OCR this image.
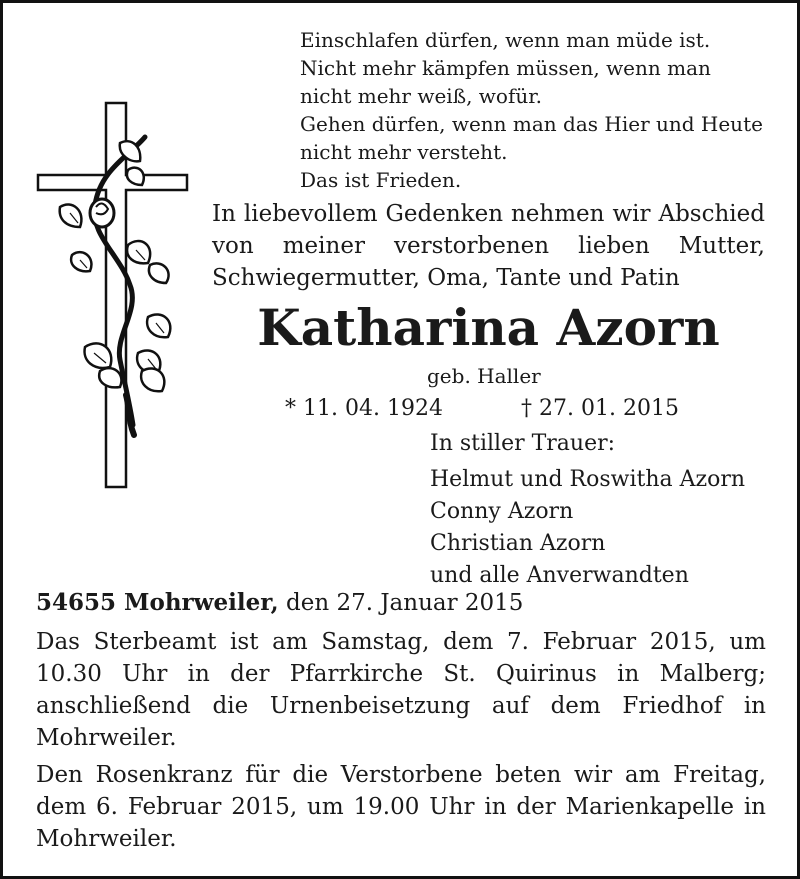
Einschlafen dürfen, wenn man müde ist.
Nicht mehr kämpfen müssen, wenn man
nicht mehr weiß, wofür.
Gehen dürfen, wenn man das Hier und Heute
nicht mehr versteht.
Das ist Frieden.
In liebevollem Gedenken nehmen wir Abschied
von meiner verstorbenen lieben Mutter,
Schwiegermutter, Oma, Tante und Patin
Katharina Azorn
geb. Haller
* 11. 04. 1924	† 27. 01. 2015
In stiller Trauer:
Helmut und Roswitha Azorn
Conny Azorn
Christian Azorn
und alle Anverwandten
54655 Mohrweiler, den 27. Januar 2015
Das Sterbeamt ist am Samstag, dem 7. Februar 2015, um
10.30 Uhr in der Pfarrkirche St. Quirinus in Malberg;
anschließend die Urnenbeisetzung auf dem Friedhof in
Mohrweiler.
Den Rosenkranz für die Verstorbene beten wir am Freitag,
dem 6. Februar 2015, um 19.00 Uhr in der Marienkapelle in
Mohrweiler.
